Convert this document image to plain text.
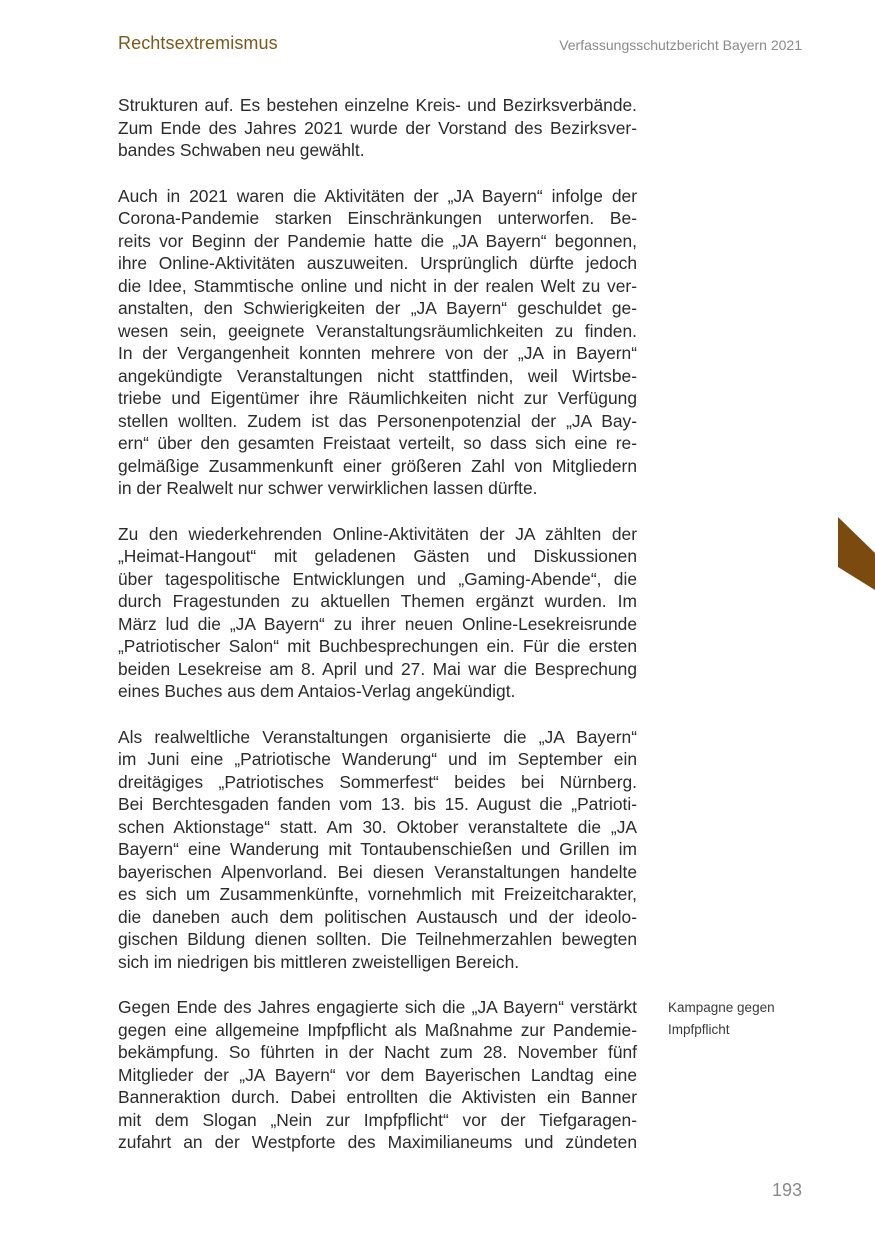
Rechtsextremismus	Verfassungsschutzbericht Bayern 2021

Strukturen auf. Es bestehen einzelne Kreis- und Bezirksverbände.
Zum Ende des Jahres 2021 wurde der Vorstand des Bezirksver-
bandes Schwaben neu gewählt.

Auch in 2021 waren die Aktivitäten der „JA Bayern“ infolge der
Corona-Pandemie starken Einschränkungen unterworfen. Be-
reits vor Beginn der Pandemie hatte die „JA Bayern“ begonnen,
ihre Online-Aktivitäten auszuweiten. Ursprünglich dürfte jedoch
die Idee, Stammtische online und nicht in der realen Welt zu ver-
anstalten, den Schwierigkeiten der „JA Bayern“ geschuldet ge-
wesen sein, geeignete Veranstaltungsräumlichkeiten zu finden.
In der Vergangenheit konnten mehrere von der „JA in Bayern“
angekündigte Veranstaltungen nicht stattfinden, weil Wirtsbe-
triebe und Eigentümer ihre Räumlichkeiten nicht zur Verfügung
stellen wollten. Zudem ist das Personenpotenzial der „JA Bay-
ern“ über den gesamten Freistaat verteilt, so dass sich eine re-
gelmäßige Zusammenkunft einer größeren Zahl von Mitgliedern
in der Realwelt nur schwer verwirklichen lassen dürfte.

Zu den wiederkehrenden Online-Aktivitäten der JA zählten der
„Heimat-Hangout“ mit geladenen Gästen und Diskussionen
über tagespolitische Entwicklungen und „Gaming-Abende“, die
durch Fragestunden zu aktuellen Themen ergänzt wurden. Im
März lud die „JA Bayern“ zu ihrer neuen Online-Lesekreisrunde
„Patriotischer Salon“ mit Buchbesprechungen ein. Für die ersten
beiden Lesekreise am 8. April und 27. Mai war die Besprechung
eines Buches aus dem Antaios-Verlag angekündigt.

Als realweltliche Veranstaltungen organisierte die „JA Bayern“
im Juni eine „Patriotische Wanderung“ und im September ein
dreitägiges „Patriotisches Sommerfest“ beides bei Nürnberg.
Bei Berchtesgaden fanden vom 13. bis 15. August die „Patrioti-
schen Aktionstage“ statt. Am 30. Oktober veranstaltete die „JA
Bayern“ eine Wanderung mit Tontaubenschießen und Grillen im
bayerischen Alpenvorland. Bei diesen Veranstaltungen handelte
es sich um Zusammenkünfte, vornehmlich mit Freizeitcharakter,
die daneben auch dem politischen Austausch und der ideolo-
gischen Bildung dienen sollten. Die Teilnehmerzahlen bewegten
sich im niedrigen bis mittleren zweistelligen Bereich.

Gegen Ende des Jahres engagierte sich die „JA Bayern“ verstärkt
gegen eine allgemeine Impfpflicht als Maßnahme zur Pandemie-
bekämpfung. So führten in der Nacht zum 28. November fünf
Mitglieder der „JA Bayern“ vor dem Bayerischen Landtag eine
Banneraktion durch. Dabei entrollten die Aktivisten ein Banner
mit dem Slogan „Nein zur Impfpflicht“ vor der Tiefgaragen-
zufahrt an der Westpforte des Maximilianeums und zündeten

Kampagne gegen
Impfpflicht
193
